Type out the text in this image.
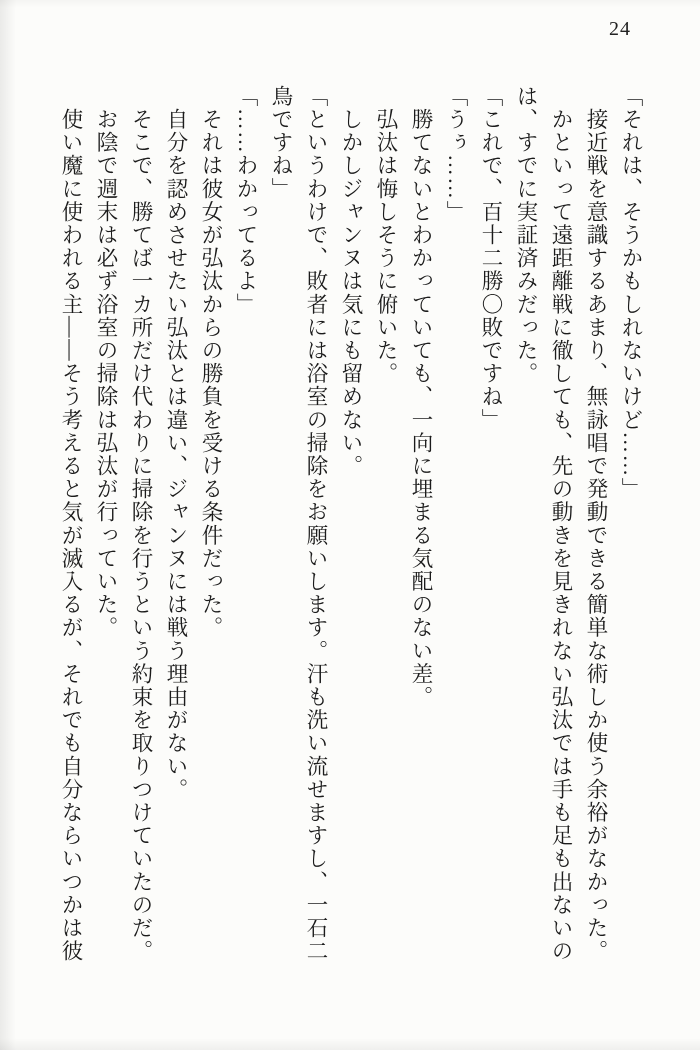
24
「それは、そうかもしれないけど……」
　接近戦を意識するあまり、無詠唱で発動できる簡単な術しか使う余裕がなかった。
　かといって遠距離戦に徹しても、先の動きを見きれない弘汰では手も足も出ないの
は、すでに実証済みだった。
「これで、百十二勝〇敗ですね」
「うぅ……」
　勝てないとわかっていても、一向に埋まる気配のない差。
　弘汰は悔しそうに俯いた。
　しかしジャンヌは気にも留めない。
「というわけで、敗者には浴室の掃除をお願いします。汗も洗い流せますし、一石二
鳥ですね」
「……わかってるよ」
　それは彼女が弘汰からの勝負を受ける条件だった。
　自分を認めさせたい弘汰とは違い、ジャンヌには戦う理由がない。
　そこで、勝てば一カ所だけ代わりに掃除を行うという約束を取りつけていたのだ。
　お陰で週末は必ず浴室の掃除は弘汰が行っていた。
　使い魔に使われる主――そう考えると気が滅入るが、それでも自分ならいつかは彼
